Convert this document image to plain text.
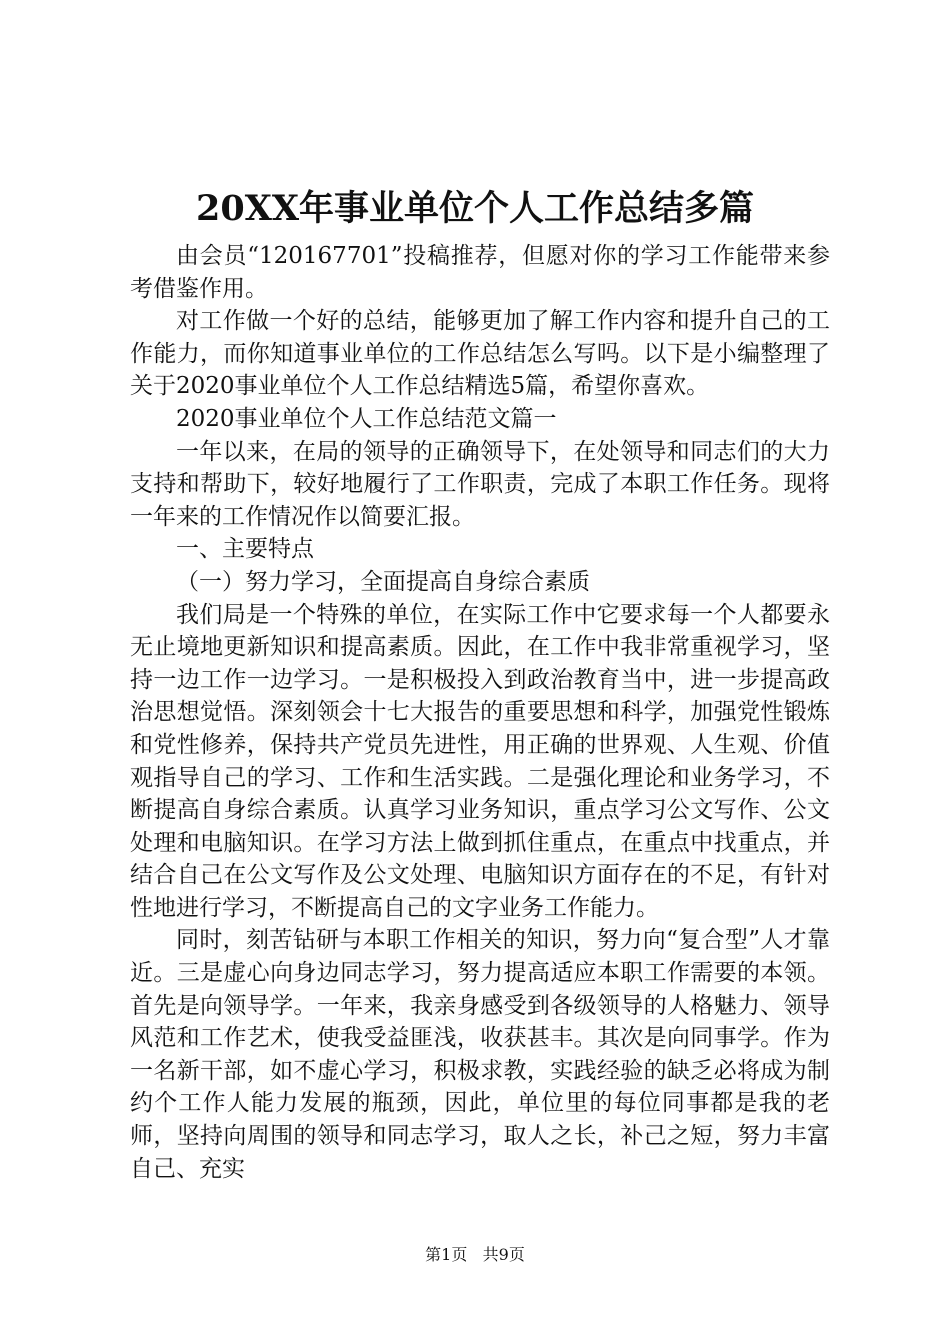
20XX年事业单位个人工作总结多篇

由会员“120167701”投稿推荐，但愿对你的学习工作能带来参考借鉴作用。

对工作做一个好的总结，能够更加了解工作内容和提升自己的工作能力，而你知道事业单位的工作总结怎么写吗。以下是小编整理了关于2020事业单位个人工作总结精选5篇，希望你喜欢。

2020事业单位个人工作总结范文篇一

一年以来，在局的领导的正确领导下，在处领导和同志们的大力支持和帮助下，较好地履行了工作职责，完成了本职工作任务。现将一年来的工作情况作以简要汇报。

一、主要特点

（一）努力学习，全面提高自身综合素质

我们局是一个特殊的单位，在实际工作中它要求每一个人都要永无止境地更新知识和提高素质。因此，在工作中我非常重视学习，坚持一边工作一边学习。一是积极投入到政治教育当中，进一步提高政治思想觉悟。深刻领会十七大报告的重要思想和科学，加强党性锻炼和党性修养，保持共产党员先进性，用正确的世界观、人生观、价值观指导自己的学习、工作和生活实践。二是强化理论和业务学习，不断提高自身综合素质。认真学习业务知识，重点学习公文写作、公文处理和电脑知识。在学习方法上做到抓住重点，在重点中找重点，并结合自己在公文写作及公文处理、电脑知识方面存在的不足，有针对性地进行学习，不断提高自己的文字业务工作能力。

同时，刻苦钻研与本职工作相关的知识，努力向“复合型”人才靠近。三是虚心向身边同志学习，努力提高适应本职工作需要的本领。首先是向领导学。一年来，我亲身感受到各级领导的人格魅力、领导风范和工作艺术，使我受益匪浅，收获甚丰。其次是向同事学。作为一名新干部，如不虚心学习，积极求教，实践经验的缺乏必将成为制约个工作人能力发展的瓶颈，因此，单位里的每位同事都是我的老师，坚持向周围的领导和同志学习，取人之长，补己之短，努力丰富自己、充实

第1页 共9页
